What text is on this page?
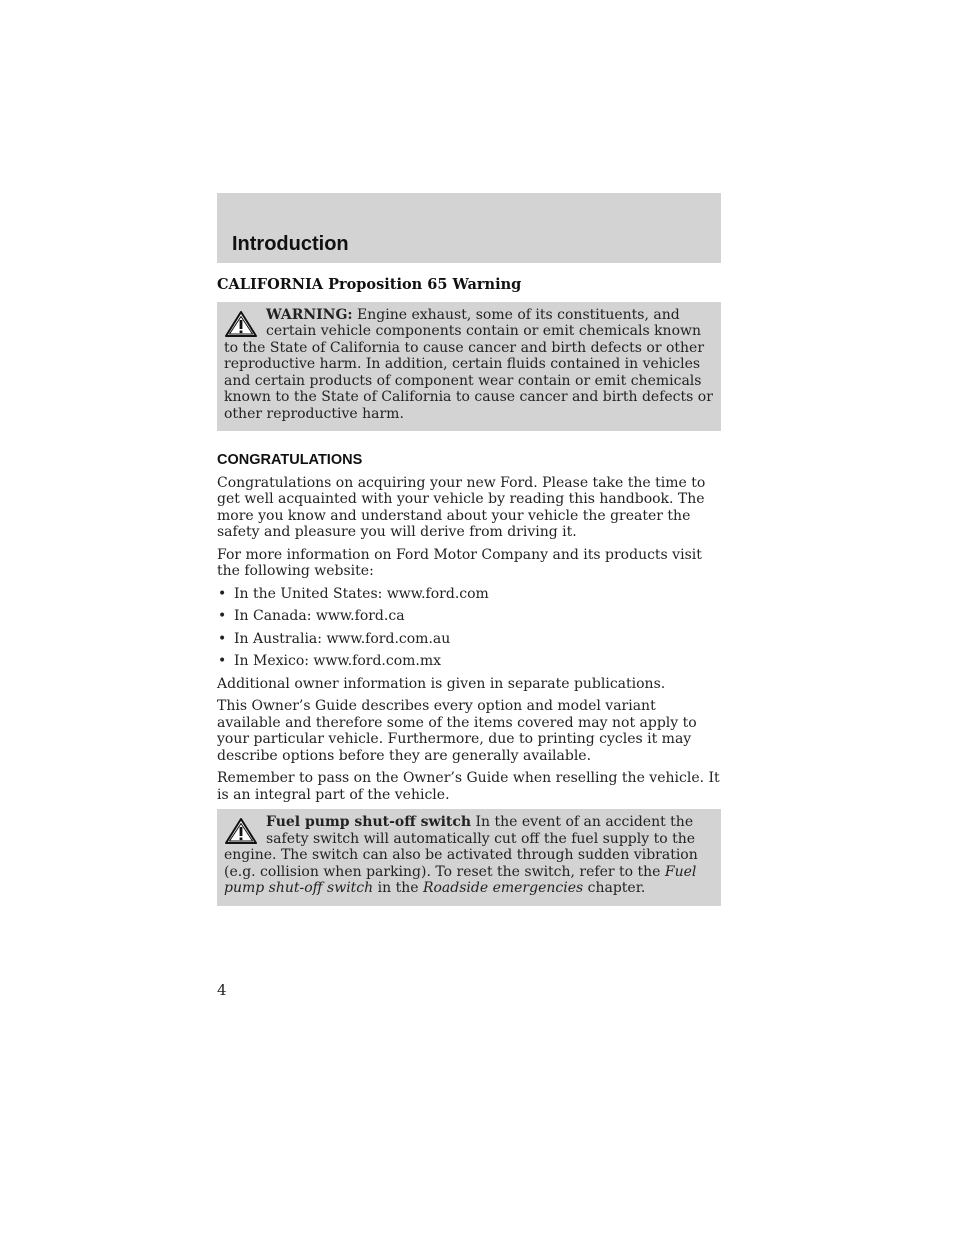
Introduction
CALIFORNIA Proposition 65 Warning

WARNING: Engine exhaust, some of its constituents, and certain vehicle components contain or emit chemicals known to the State of California to cause cancer and birth defects or other reproductive harm. In addition, certain fluids contained in vehicles and certain products of component wear contain or emit chemicals known to the State of California to cause cancer and birth defects or other reproductive harm.

CONGRATULATIONS

Congratulations on acquiring your new Ford. Please take the time to get well acquainted with your vehicle by reading this handbook. The more you know and understand about your vehicle the greater the safety and pleasure you will derive from driving it.

For more information on Ford Motor Company and its products visit the following website:

• In the United States: www.ford.com
• In Canada: www.ford.ca
• In Australia: www.ford.com.au
• In Mexico: www.ford.com.mx

Additional owner information is given in separate publications.

This Owner’s Guide describes every option and model variant available and therefore some of the items covered may not apply to your particular vehicle. Furthermore, due to printing cycles it may describe options before they are generally available.

Remember to pass on the Owner’s Guide when reselling the vehicle. It is an integral part of the vehicle.

Fuel pump shut-off switch In the event of an accident the safety switch will automatically cut off the fuel supply to the engine. The switch can also be activated through sudden vibration (e.g. collision when parking). To reset the switch, refer to the Fuel pump shut-off switch in the Roadside emergencies chapter.

4
